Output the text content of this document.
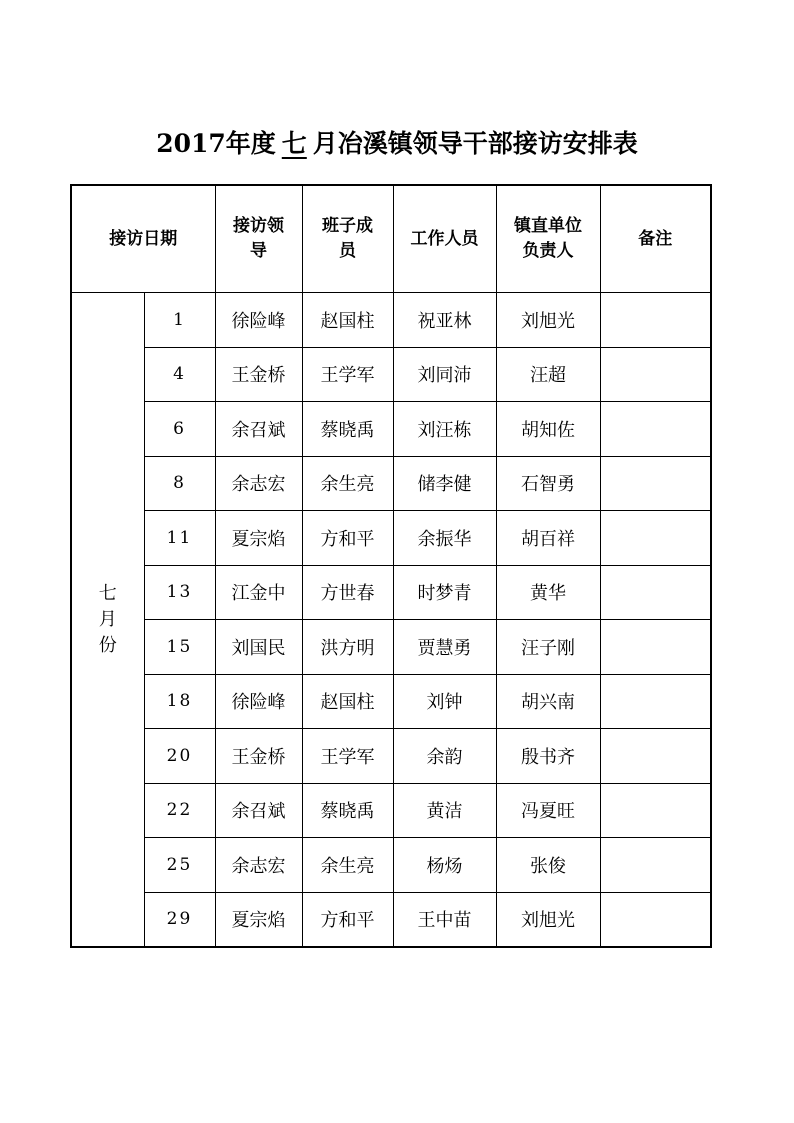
2017年度 七 月冶溪镇领导干部接访安排表
接访日期		接访领导	班子成员	工作人员	镇直单位负责人	备注
七月份	1	徐险峰	赵国柱	祝亚林	刘旭光	
	4	王金桥	王学军	刘同沛	汪超	
	6	余召斌	蔡晓禹	刘汪栋	胡知佐	
	8	余志宏	余生亮	储李健	石智勇	
	11	夏宗焰	方和平	余振华	胡百祥	
	13	江金中	方世春	时梦青	黄华	
	15	刘国民	洪方明	贾慧勇	汪子刚	
	18	徐险峰	赵国柱	刘钟	胡兴南	
	20	王金桥	王学军	余韵	殷书齐	
	22	余召斌	蔡晓禹	黄洁	冯夏旺	
	25	余志宏	余生亮	杨炀	张俊	
	29	夏宗焰	方和平	王中苗	刘旭光	
